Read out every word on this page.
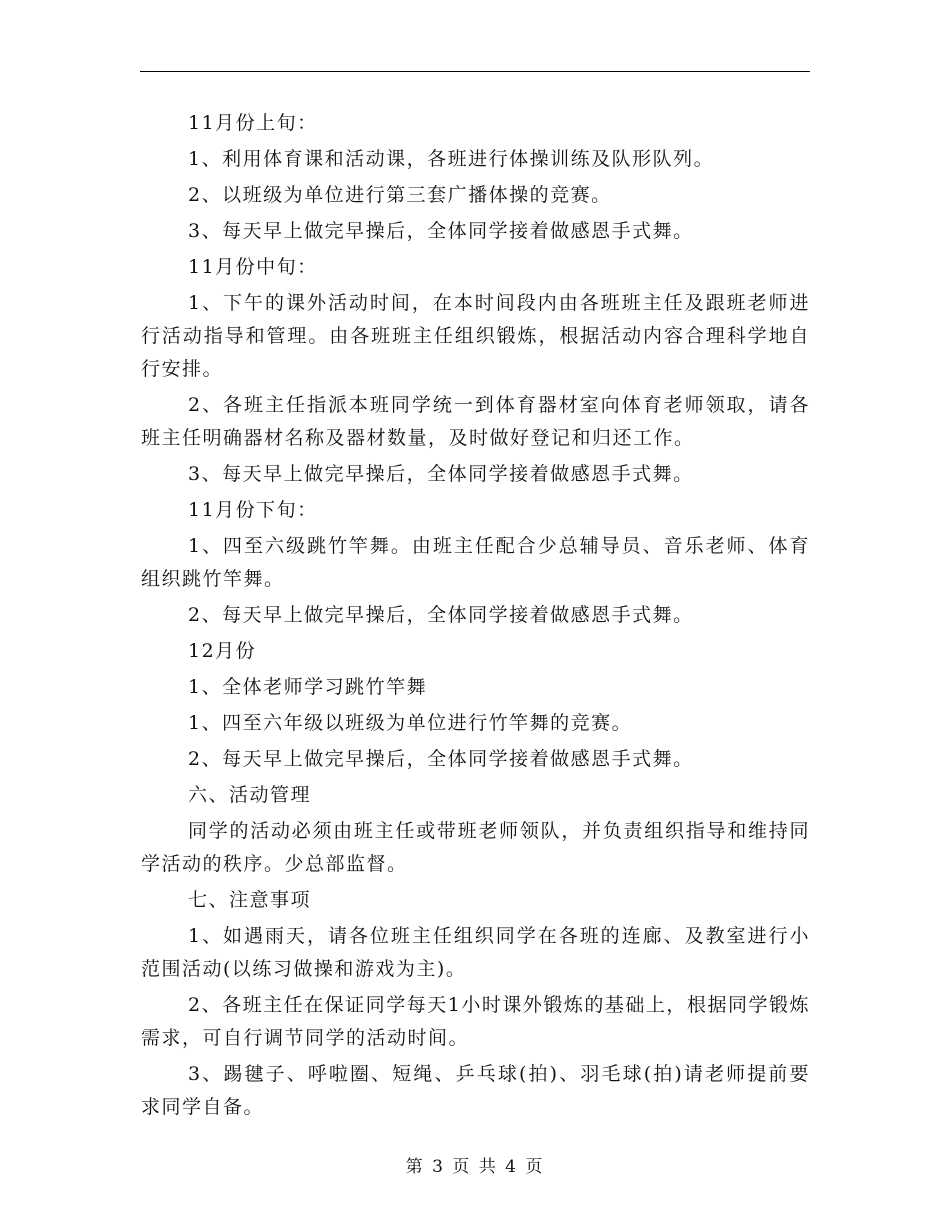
11月份上旬：

1、利用体育课和活动课，各班进行体操训练及队形队列。

2、以班级为单位进行第三套广播体操的竞赛。

3、每天早上做完早操后，全体同学接着做感恩手式舞。

11月份中旬：

1、下午的课外活动时间，在本时间段内由各班班主任及跟班老师进行活动指导和管理。由各班班主任组织锻炼，根据活动内容合理科学地自行安排。

2、各班主任指派本班同学统一到体育器材室向体育老师领取，请各班主任明确器材名称及器材数量，及时做好登记和归还工作。

3、每天早上做完早操后，全体同学接着做感恩手式舞。

11月份下旬：

1、四至六级跳竹竿舞。由班主任配合少总辅导员、音乐老师、体育组织跳竹竿舞。

2、每天早上做完早操后，全体同学接着做感恩手式舞。

12月份

1、全体老师学习跳竹竿舞

1、四至六年级以班级为单位进行竹竿舞的竞赛。

2、每天早上做完早操后，全体同学接着做感恩手式舞。

六、活动管理

同学的活动必须由班主任或带班老师领队，并负责组织指导和维持同学活动的秩序。少总部监督。

七、注意事项

1、如遇雨天，请各位班主任组织同学在各班的连廊、及教室进行小范围活动(以练习做操和游戏为主)。

2、各班主任在保证同学每天1小时课外锻炼的基础上，根据同学锻炼需求，可自行调节同学的活动时间。

3、踢毽子、呼啦圈、短绳、乒乓球(拍)、羽毛球(拍)请老师提前要求同学自备。

第 3 页 共 4 页
